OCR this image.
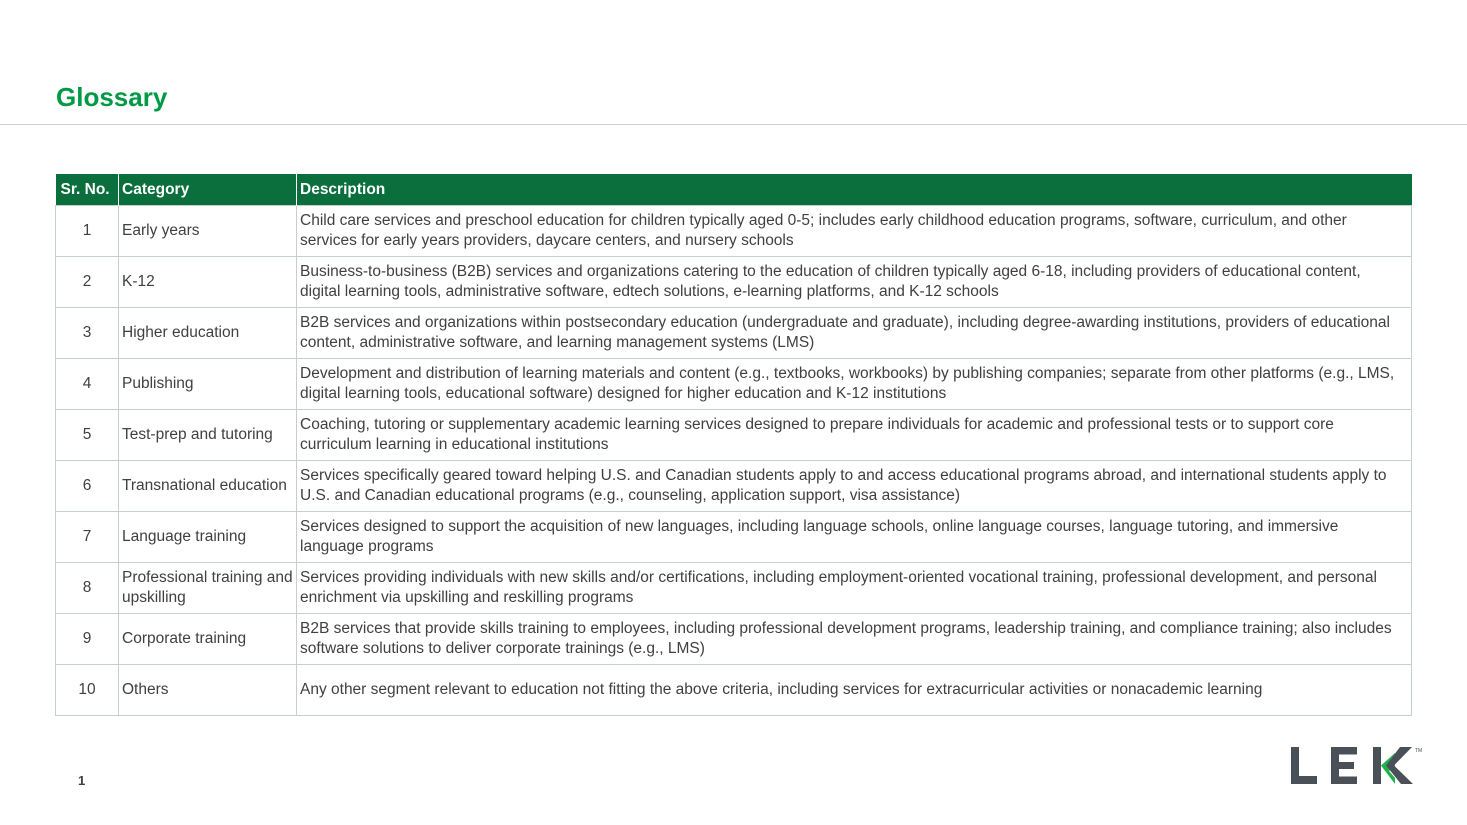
Glossary
Sr. No.	Category	Description
1	Early years	Child care services and preschool education for children typically aged 0-5; includes early childhood education programs, software, curriculum, and other services for early years providers, daycare centers, and nursery schools
2	K-12	Business-to-business (B2B) services and organizations catering to the education of children typically aged 6-18, including providers of educational content, digital learning tools, administrative software, edtech solutions, e-learning platforms, and K-12 schools
3	Higher education	B2B services and organizations within postsecondary education (undergraduate and graduate), including degree-awarding institutions, providers of educational content, administrative software, and learning management systems (LMS)
4	Publishing	Development and distribution of learning materials and content (e.g., textbooks, workbooks) by publishing companies; separate from other platforms (e.g., LMS, digital learning tools, educational software) designed for higher education and K-12 institutions
5	Test-prep and tutoring	Coaching, tutoring or supplementary academic learning services designed to prepare individuals for academic and professional tests or to support core curriculum learning in educational institutions
6	Transnational education	Services specifically geared toward helping U.S. and Canadian students apply to and access educational programs abroad, and international students apply to U.S. and Canadian educational programs (e.g., counseling, application support, visa assistance)
7	Language training	Services designed to support the acquisition of new languages, including language schools, online language courses, language tutoring, and immersive language programs
8	Professional training and upskilling	Services providing individuals with new skills and/or certifications, including employment-oriented vocational training, professional development, and personal enrichment via upskilling and reskilling programs
9	Corporate training	B2B services that provide skills training to employees, including professional development programs, leadership training, and compliance training; also includes software solutions to deliver corporate trainings (e.g., LMS)
10	Others	Any other segment relevant to education not fitting the above criteria, including services for extracurricular activities or nonacademic learning
1
TM
